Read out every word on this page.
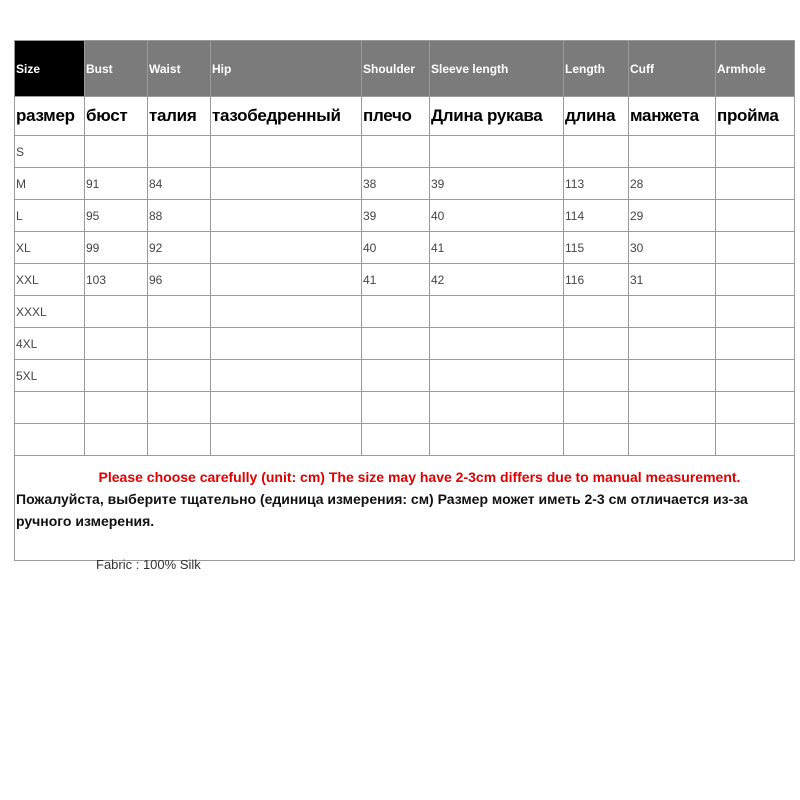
Size	Bust	Waist	Hip	Shoulder	Sleeve length	Length	Cuff	Armhole
размер	бюст	талия	тазобедренный	плечо	Длина рукава	длина	манжета	пройма
S								
M	91	84		38	39	113	28	
L	95	88		39	40	114	29	
XL	99	92		40	41	115	30	
XXL	103	96		41	42	116	31	
XXXL								
4XL								
5XL								

Please choose carefully (unit: cm) The size may have 2-3cm differs due to manual measurement.
Пожалуйста, выберите тщательно (единица измерения: см) Размер может иметь 2-3 см отличается из-за ручного измерения.								
Fabric : 100% Silk
